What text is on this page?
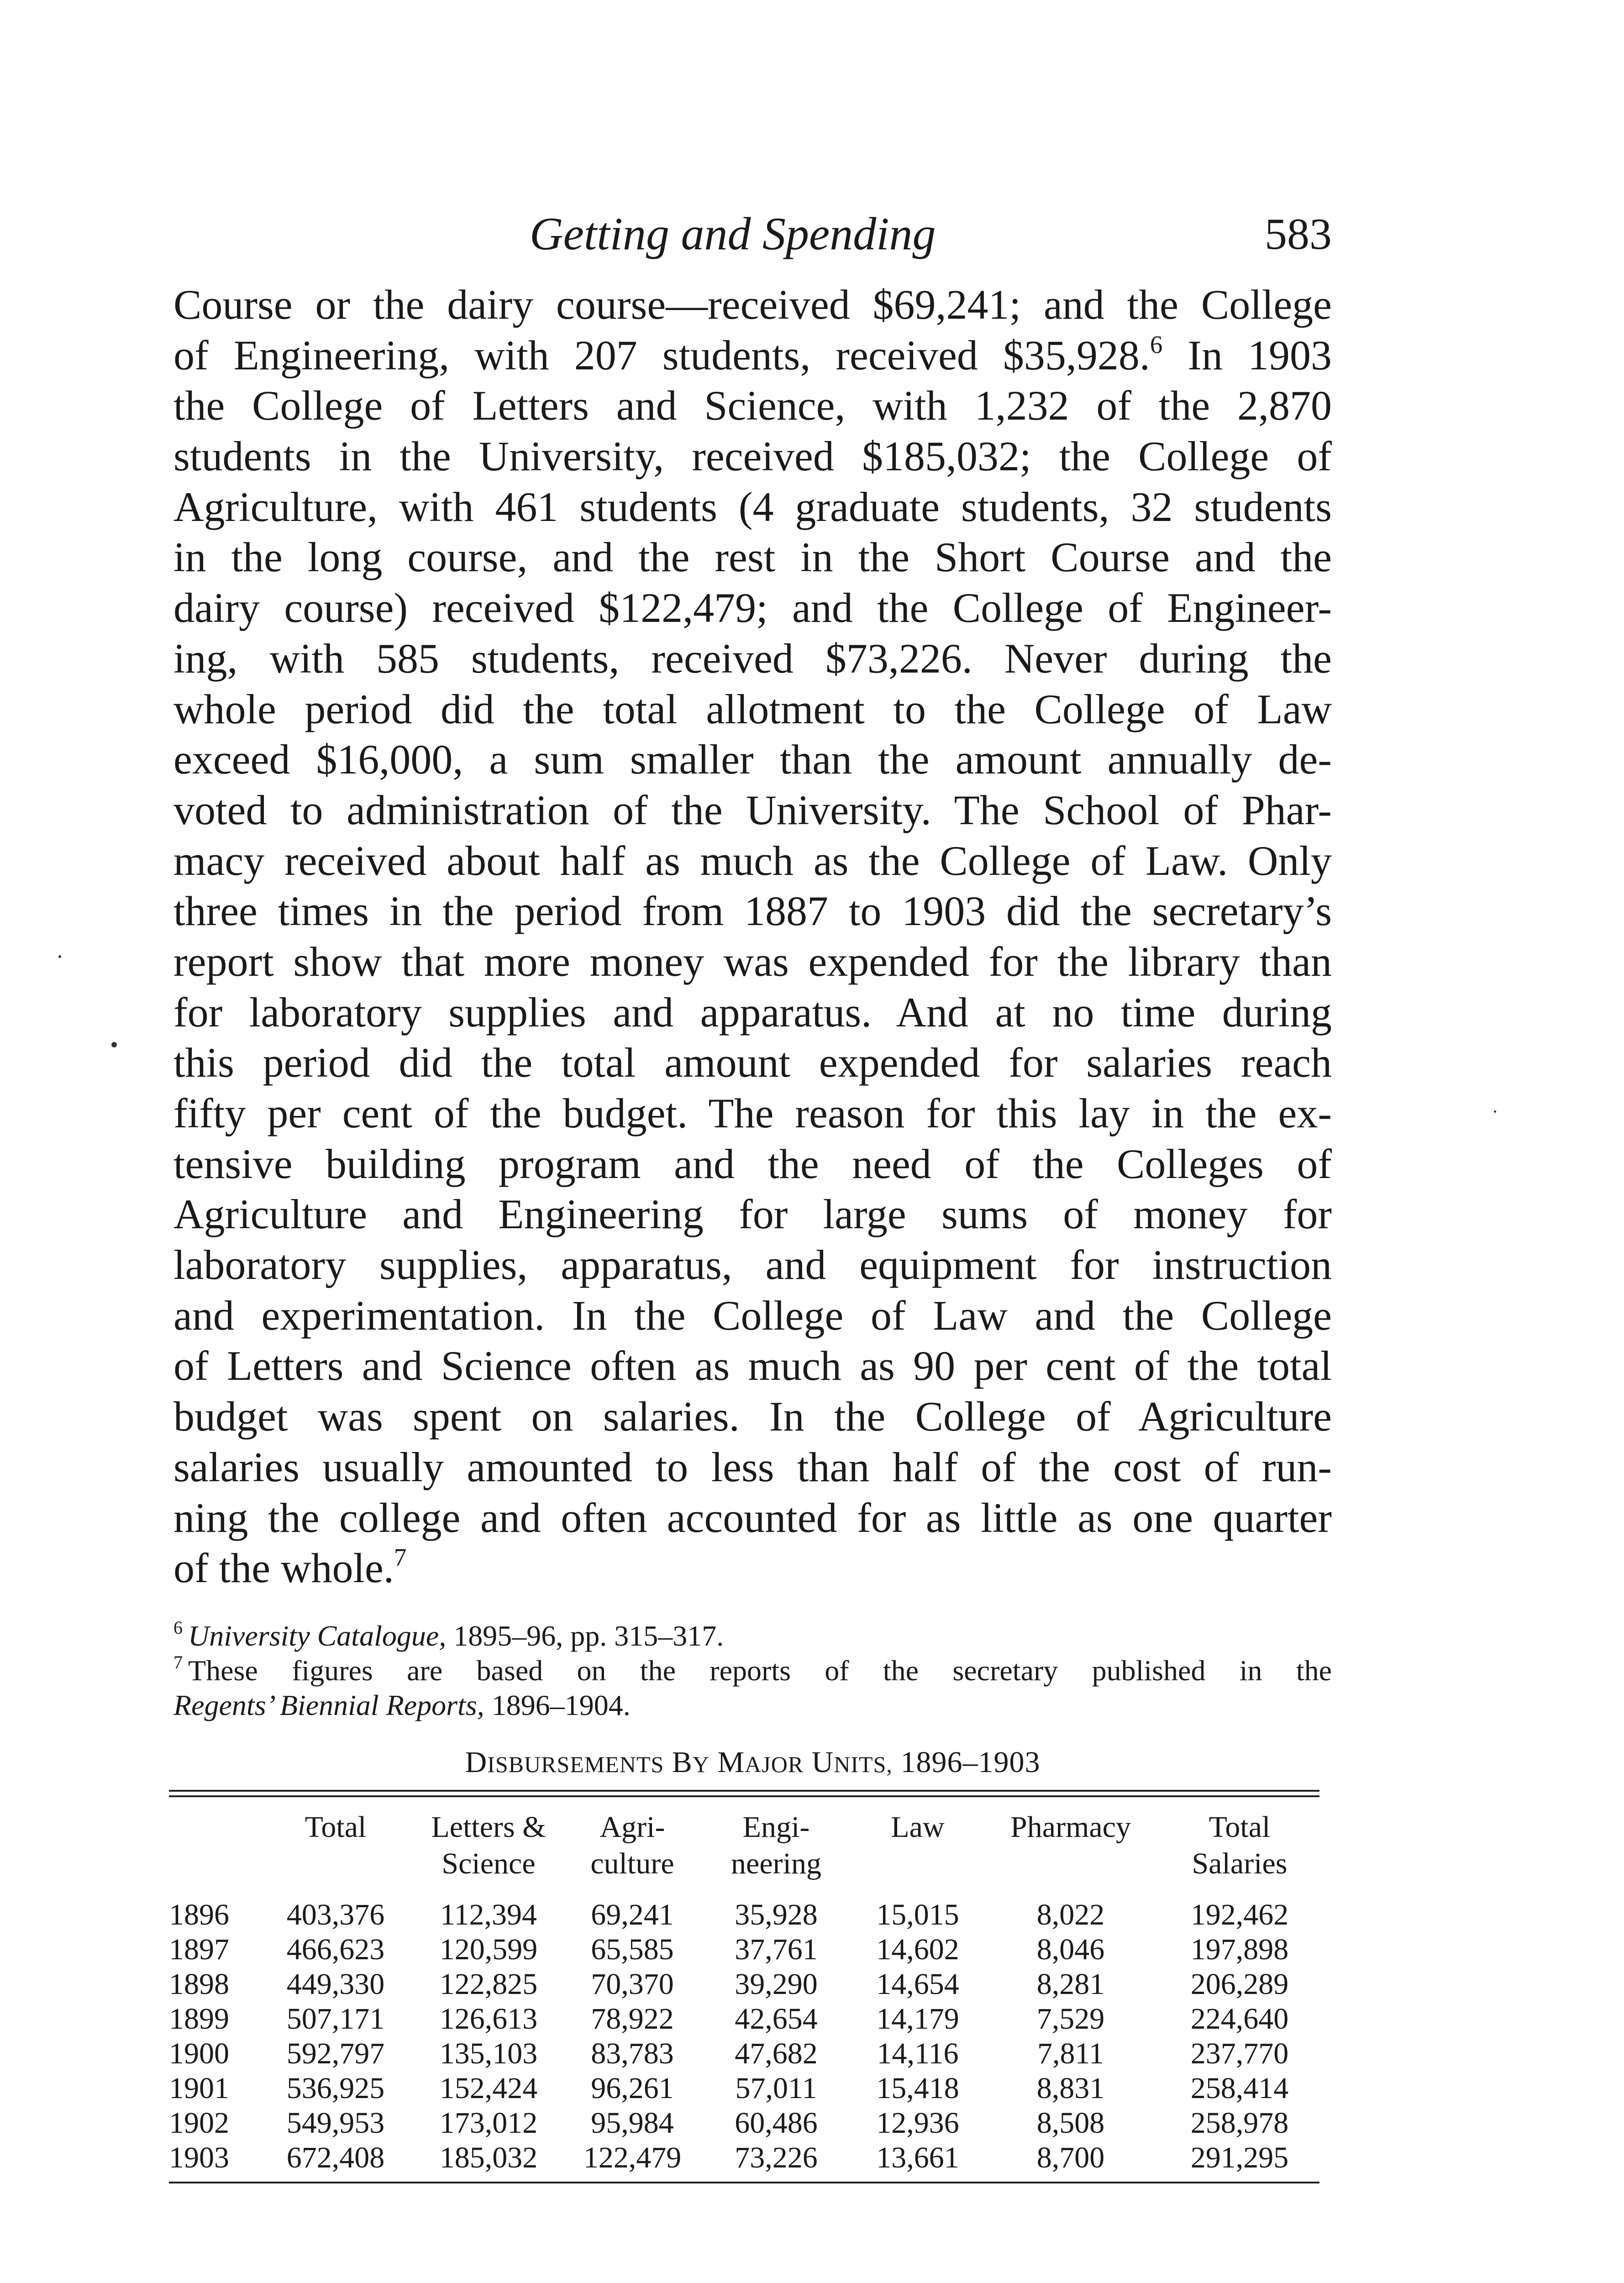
Getting and Spending	583
Course or the dairy course—received $69,241; and the College
of Engineering, with 207 students, received $35,928.$^6$ In 1903
the College of Letters and Science, with 1,232 of the 2,870
students in the University, received $185,032; the College of
Agriculture, with 461 students (4 graduate students, 32 students
in the long course, and the rest in the Short Course and the
dairy course) received $122,479; and the College of Engineer-
ing, with 585 students, received $73,226. Never during the
whole period did the total allotment to the College of Law
exceed $16,000, a sum smaller than the amount annually de-
voted to administration of the University. The School of Phar-
macy received about half as much as the College of Law. Only
three times in the period from 1887 to 1903 did the secretary’s
report show that more money was expended for the library than
for laboratory supplies and apparatus. And at no time during
this period did the total amount expended for salaries reach
fifty per cent of the budget. The reason for this lay in the ex-
tensive building program and the need of the Colleges of
Agriculture and Engineering for large sums of money for
laboratory supplies, apparatus, and equipment for instruction
and experimentation. In the College of Law and the College
of Letters and Science often as much as 90 per cent of the total
budget was spent on salaries. In the College of Agriculture
salaries usually amounted to less than half of the cost of run-
ning the college and often accounted for as little as one quarter
of the whole.$^7$
$^6$ University Catalogue, 1895–96, pp. 315–317.
$^7$ These figures are based on the reports of the secretary published in the
Regents’ Biennial Reports, 1896–1904.
DISBURSEMENTS BY MAJOR UNITS, 1896–1903

	Total	Letters &
Science	Agri-
culture	Engi-
neering	Law	Pharmacy	Total
Salaries
1896	403,376	112,394	69,241	35,928	15,015	8,022	192,462
1897	466,623	120,599	65,585	37,761	14,602	8,046	197,898
1898	449,330	122,825	70,370	39,290	14,654	8,281	206,289
1899	507,171	126,613	78,922	42,654	14,179	7,529	224,640
1900	592,797	135,103	83,783	47,682	14,116	7,811	237,770
1901	536,925	152,424	96,261	57,011	15,418	8,831	258,414
1902	549,953	173,012	95,984	60,486	12,936	8,508	258,978
1903	672,408	185,032	122,479	73,226	13,661	8,700	291,295
